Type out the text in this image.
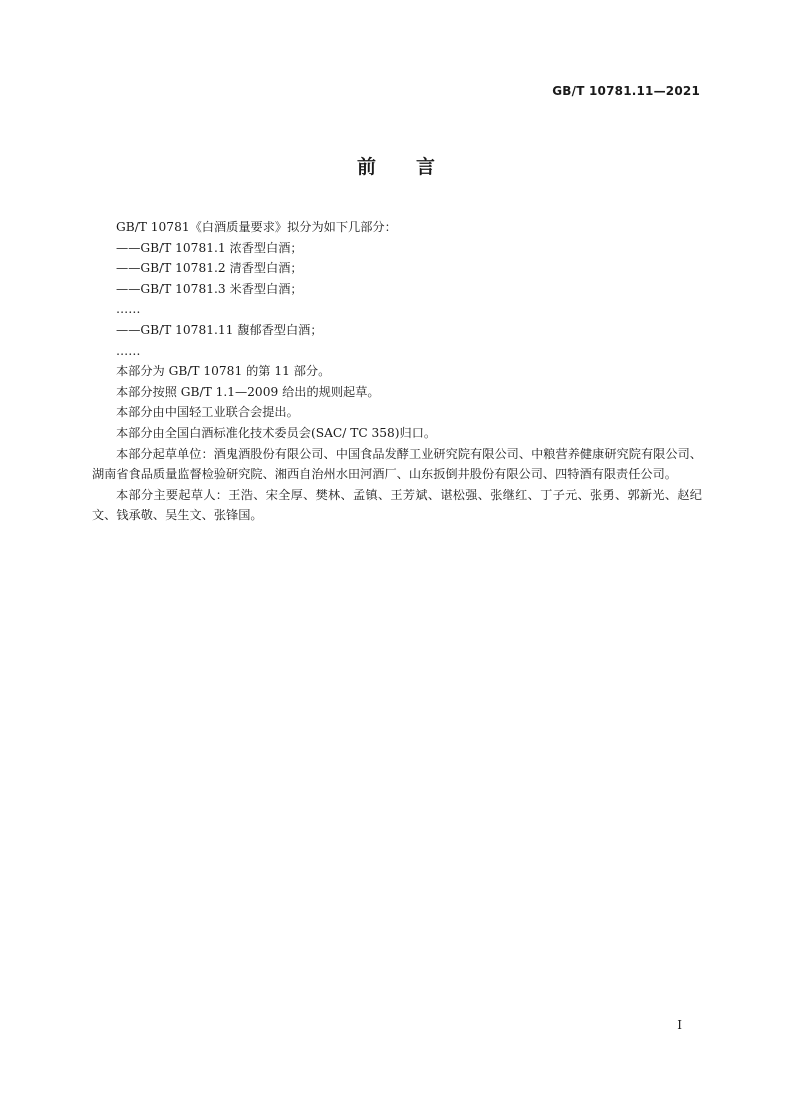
GB/T 10781.11—2021
前言

GB/T 10781《白酒质量要求》拟分为如下几部分：

——GB/T 10781.1 浓香型白酒；

——GB/T 10781.2 清香型白酒；

——GB/T 10781.3 米香型白酒；

……

——GB/T 10781.11 馥郁香型白酒；

……

本部分为 GB/T 10781 的第 11 部分。

本部分按照 GB/T 1.1—2009 给出的规则起草。

本部分由中国轻工业联合会提出。

本部分由全国白酒标准化技术委员会(SAC/ TC 358)归口。

本部分起草单位：酒鬼酒股份有限公司、中国食品发酵工业研究院有限公司、中粮营养健康研究院有限公司、湖南省食品质量监督检验研究院、湘西自治州水田河酒厂、山东扳倒井股份有限公司、四特酒有限责任公司。

本部分主要起草人：王浩、宋全厚、樊林、孟镇、王芳斌、谌松强、张继红、丁子元、张勇、郭新光、赵纪文、钱承敬、吴生文、张锋国。

I
